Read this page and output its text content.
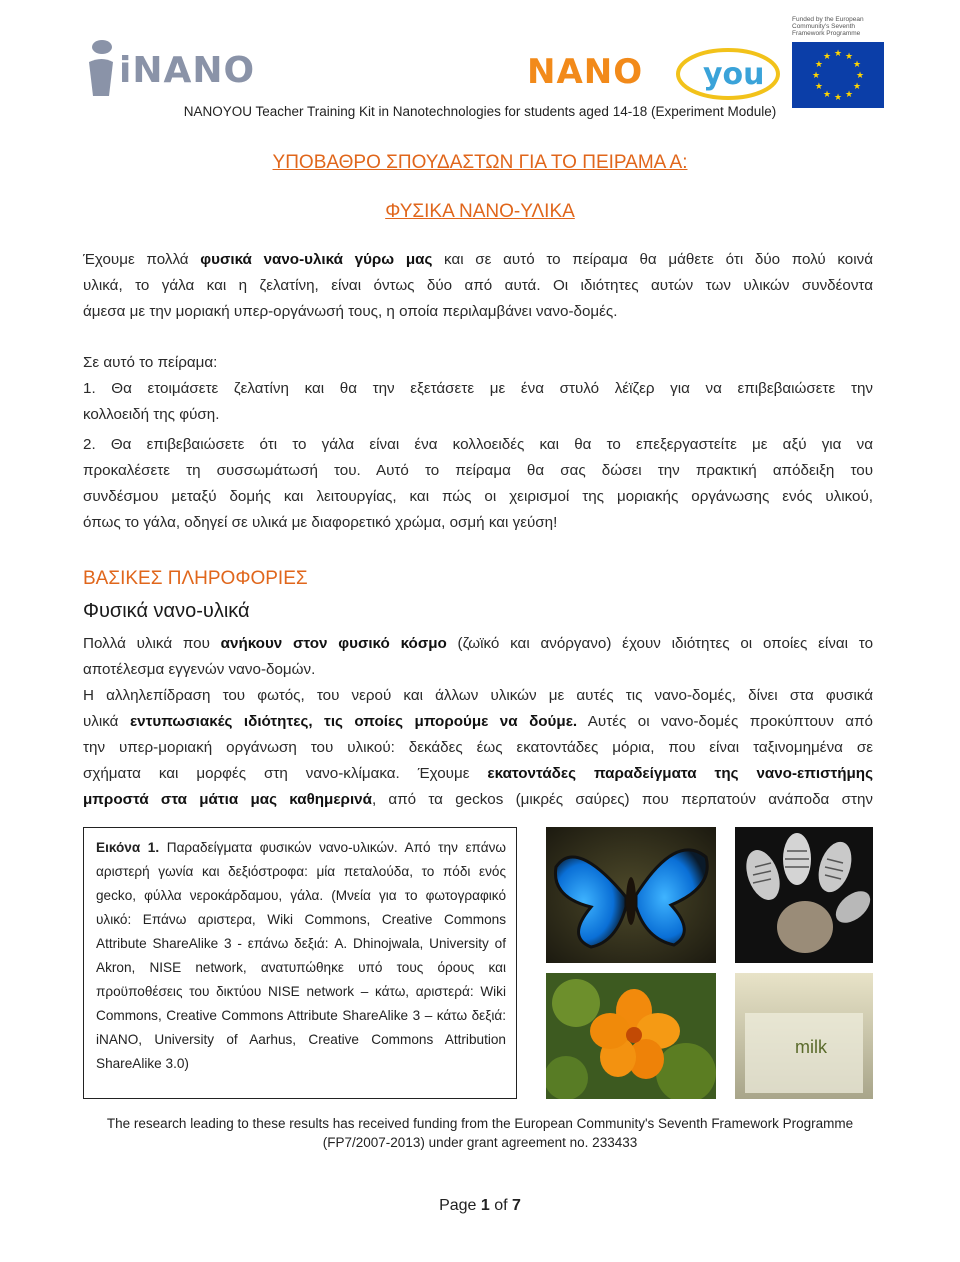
iNANO	NANO you
Funded by the European Community's Seventh Framework Programme
★ ★
★
★
★
★
★
★
★
★
★
★
NANOYOU Teacher Training Kit in Nanotechnologies for students aged 14-18 (Experiment Module)
ΥΠΟΒΑΘΡΟ ΣΠΟΥΔΑΣΤΩΝ ΓΙΑ ΤΟ ΠΕΙΡΑΜΑ Α:
ΦΥΣΙΚΑ ΝΑΝΟ-ΥΛΙΚΑ
Έχουμε πολλά φυσικά νανο-υλικά γύρω μας και σε αυτό το πείραμα θα μάθετε ότι δύο πολύ κοινά
υλικά, το γάλα και η ζελατίνη, είναι όντως δύο από αυτά. Οι ιδιότητες αυτών των υλικών συνδέοντα
άμεσα με την μοριακή υπερ-οργάνωσή τους, η οποία περιλαμβάνει νανο-δομές.
Σε αυτό το πείραμα:
1. Θα ετοιμάσετε ζελατίνη και θα την εξετάσετε με ένα στυλό λέϊζερ για να επιβεβαιώσετε την
κολλοειδή της φύση.
2. Θα επιβεβαιώσετε ότι το γάλα είναι ένα κολλοειδές και θα το επεξεργαστείτε με αξύ για να
προκαλέσετε τη συσσωμάτωσή του. Αυτό το πείραμα θα σας δώσει την πρακτική απόδειξη του
συνδέσμου μεταξύ δομής και λειτουργίας, και πώς οι χειρισμοί της μοριακής οργάνωσης ενός υλικού,
όπως το γάλα, οδηγεί σε υλικά με διαφορετικό χρώμα, οσμή και γεύση!
ΒΑΣΙΚΕΣ ΠΛΗΡΟΦΟΡΙΕΣ
Φυσικά νανο-υλικά
Πολλά υλικά που ανήκουν στον φυσικό κόσμο (ζωϊκό και ανόργανο) έχουν ιδιότητες οι οποίες είναι το
αποτέλεσμα εγγενών νανο-δομών.
Η αλληλεπίδραση του φωτός, του νερού και άλλων υλικών με αυτές τις νανο-δομές, δίνει στα φυσικά
υλικά εντυπωσιακές ιδιότητες, τις οποίες μπορούμε να δούμε. Αυτές οι νανο-δομές προκύπτουν από
την υπερ-μοριακή οργάνωση του υλικού: δεκάδες έως εκατοντάδες μόρια, που είναι ταξινομημένα σε
σχήματα και μορφές στη νανο-κλίμακα. Έχουμε εκατοντάδες παραδείγματα της νανο-επιστήμης
μπροστά στα μάτια μας καθημερινά, από τα geckos (μικρές σαύρες) που περπατούν ανάποδα στην
Εικόνα 1. Παραδείγματα φυσικών νανο-υλικών. Από την επάνω αριστερή γωνία και δεξιόστροφα: μία πεταλούδα, το πόδι ενός gecko, φύλλα νεροκάρδαμου, γάλα. (Μνεία για το φωτογραφικό υλικό: Επάνω αριστερα, Wiki Commons, Creative Commons Attribute ShareAlike 3 - επάνω δεξιά: A. Dhinojwala, University of Akron, NISE network, ανατυπώθηκε υπό τους όρους και προϋποθέσεις του δικτύου NISE network – κάτω, αριστερά: Wiki Commons, Creative Commons Attribute ShareAlike 3 – κάτω δεξιά: iNANO, University of Aarhus, Creative Commons Attribution ShareAlike 3.0)
milk
The research leading to these results has received funding from the European Community's Seventh Framework Programme
(FP7/2007-2013) under grant agreement no. 233433
Page 1 of 7
